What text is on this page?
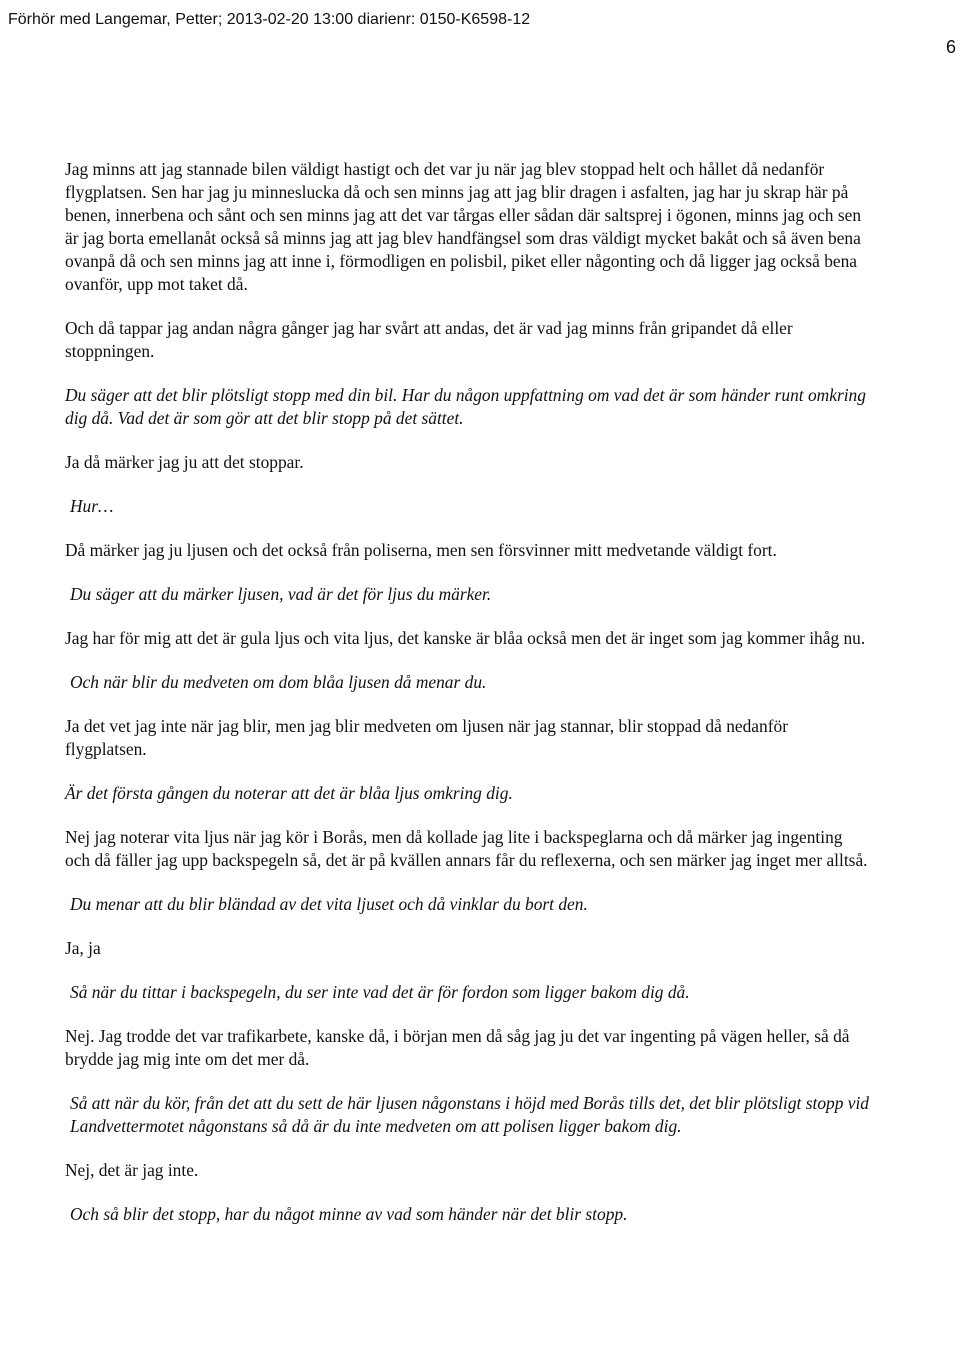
Förhör med Langemar, Petter; 2013-02-20 13:00 diarienr: 0150-K6598-12
6

Jag minns att jag stannade bilen väldigt hastigt och det var ju när jag blev stoppad helt och hållet då nedanför flygplatsen. Sen har jag ju minneslucka då och sen minns jag att jag blir dragen i asfalten, jag har ju skrap här på benen, innerbena och sånt och sen minns jag att det var tårgas eller sådan där saltsprej i ögonen, minns jag och sen är jag borta emellanåt också så minns jag att jag blev handfängsel som dras väldigt mycket bakåt och så även bena ovanpå då och sen minns jag att inne i, förmodligen en polisbil, piket eller någonting och då ligger jag också bena ovanför, upp mot taket då.

Och då tappar jag andan några gånger jag har svårt att andas, det är vad jag minns från gripandet då eller stoppningen.

Du säger att det blir plötsligt stopp med din bil. Har du någon uppfattning om vad det är som händer runt omkring dig då. Vad det är som gör att det blir stopp på det sättet.

Ja då märker jag ju att det stoppar.

Hur…

Då märker jag ju ljusen och det också från poliserna, men sen försvinner mitt medvetande väldigt fort.

Du säger att du märker ljusen, vad är det för ljus du märker.

Jag har för mig att det är gula ljus och vita ljus, det kanske är blåa också men det är inget som jag kommer ihåg nu.

Och när blir du medveten om dom blåa ljusen då menar du.

Ja det vet jag inte när jag blir, men jag blir medveten om ljusen när jag stannar, blir stoppad då nedanför flygplatsen.

Är det första gången du noterar att det är blåa ljus omkring dig.

Nej jag noterar vita ljus när jag kör i Borås, men då kollade jag lite i backspeglarna och då märker jag ingenting och då fäller jag upp backspegeln så, det är på kvällen annars får du reflexerna, och sen märker jag inget mer alltså.

Du menar att du blir bländad av det vita ljuset och då vinklar du bort den.

Ja, ja

Så när du tittar i backspegeln, du ser inte vad det är för fordon som ligger bakom dig då.

Nej. Jag trodde det var trafikarbete, kanske då, i början men då såg jag ju det var ingenting på vägen heller, så då brydde jag mig inte om det mer då.

Så att när du kör, från det att du sett de här ljusen någonstans i höjd med Borås tills det, det blir plötsligt stopp vid Landvettermotet någonstans så då är du inte medveten om att polisen ligger bakom dig.

Nej, det är jag inte.

Och så blir det stopp, har du något minne av vad som händer när det blir stopp.
